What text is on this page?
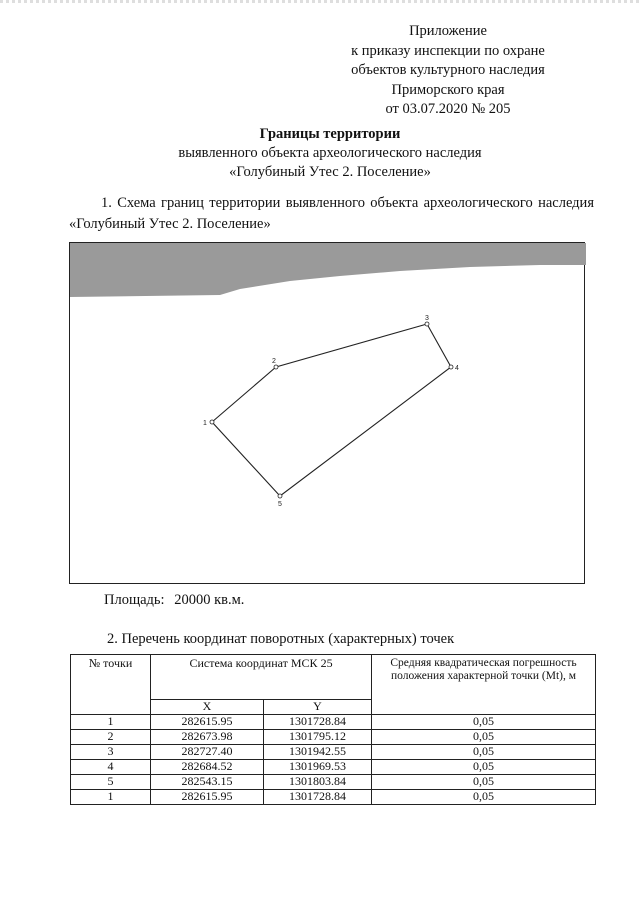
Приложение
к приказу инспекции по охране
объектов культурного наследия
Приморского края
от 03.07.2020 № 205
Границы территории
выявленного объекта археологического наследия
«Голубиный Утес 2. Поселение»
1. Схема границ территории выявленного объекта археологического наследия «Голубиный Утес 2. Поселение»
1
2
3
4
5
Площадь: 20000 кв.м.
2. Перечень координат поворотных (характерных) точек
№ точки	Система координат МСК 25		Средняя квадратическая погрешность положения характерной точки (Mt), м
	X	Y	
1	282615.95	1301728.84	0,05
2	282673.98	1301795.12	0,05
3	282727.40	1301942.55	0,05
4	282684.52	1301969.53	0,05
5	282543.15	1301803.84	0,05
1	282615.95	1301728.84	0,05
